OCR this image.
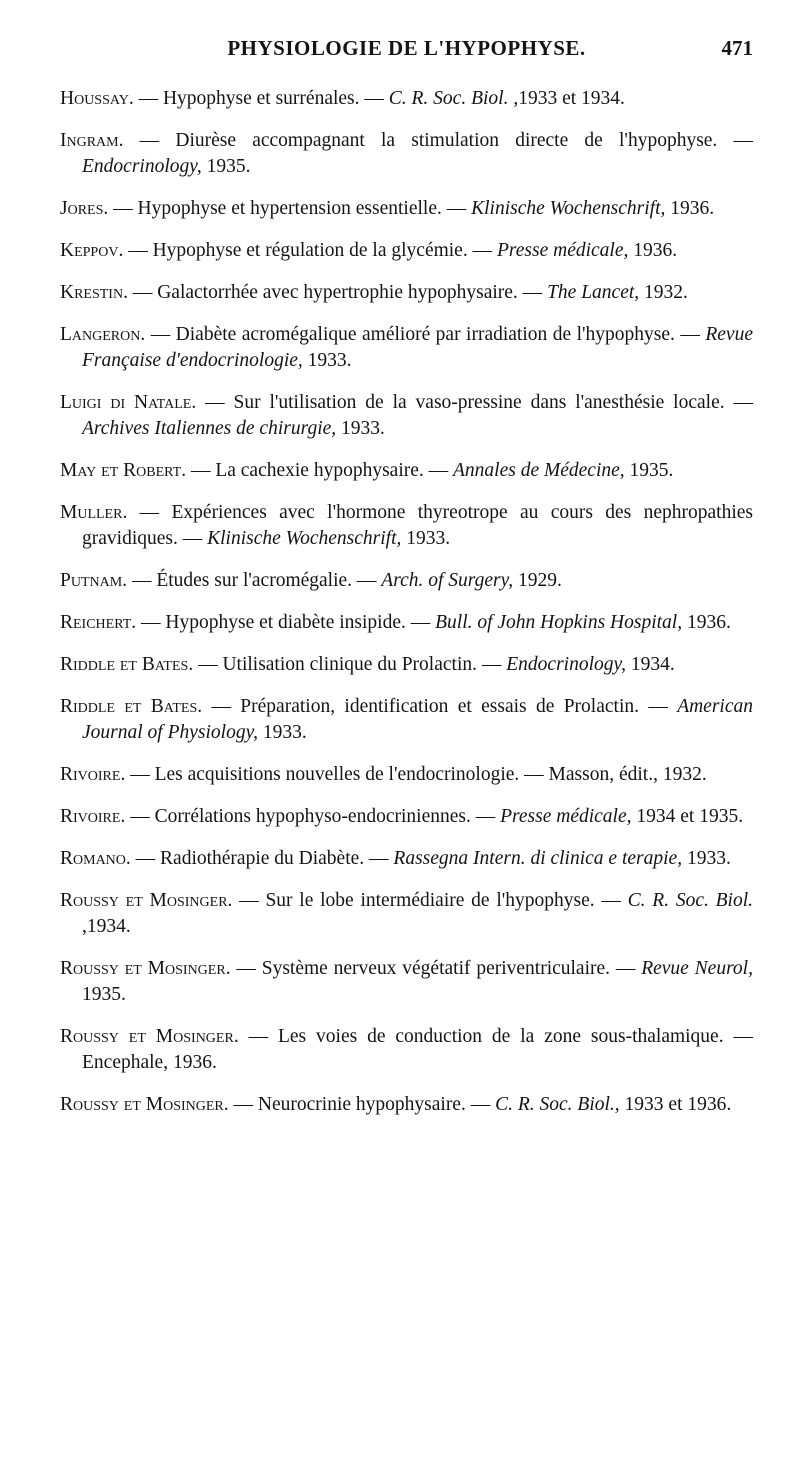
PHYSIOLOGIE DE L'HYPOPHYSE.	471

Houssay. — Hypophyse et surrénales. — C. R. Soc. Biol. ,1933 et 1934.

Ingram. — Diurèse accompagnant la stimulation directe de l'hypophyse. — Endocrinology, 1935.

Jores. — Hypophyse et hypertension essentielle. — Klinische Wochenschrift, 1936.

Keppov. — Hypophyse et régulation de la glycémie. — Presse médicale, 1936.

Krestin. — Galactorrhée avec hypertrophie hypophysaire. — The Lancet, 1932.

Langeron. — Diabète acromégalique amélioré par irradiation de l'hypophyse. — Revue Française d'endocrinologie, 1933.

Luigi di Natale. — Sur l'utilisation de la vaso-pressine dans l'anesthésie locale. — Archives Italiennes de chirurgie, 1933.

May et Robert. — La cachexie hypophysaire. — Annales de Médecine, 1935.

Muller. — Expériences avec l'hormone thyreotrope au cours des nephropathies gravidiques. — Klinische Wochenschrift, 1933.

Putnam. — Études sur l'acromégalie. — Arch. of Surgery, 1929.

Reichert. — Hypophyse et diabète insipide. — Bull. of John Hopkins Hospital, 1936.

Riddle et Bates. — Utilisation clinique du Prolactin. — Endocrinology, 1934.

Riddle et Bates. — Préparation, identification et essais de Prolactin. — American Journal of Physiology, 1933.

Rivoire. — Les acquisitions nouvelles de l'endocrinologie. — Masson, édit., 1932.

Rivoire. — Corrélations hypophyso-endocriniennes. — Presse médicale, 1934 et 1935.

Romano. — Radiothérapie du Diabète. — Rassegna Intern. di clinica e terapie, 1933.

Roussy et Mosinger. — Sur le lobe intermédiaire de l'hypophyse. — C. R. Soc. Biol. ,1934.

Roussy et Mosinger. — Système nerveux végétatif periventriculaire. — Revue Neurol, 1935.

Roussy et Mosinger. — Les voies de conduction de la zone sous-thalamique. — Encephale, 1936.

Roussy et Mosinger. — Neurocrinie hypophysaire. — C. R. Soc. Biol., 1933 et 1936.
